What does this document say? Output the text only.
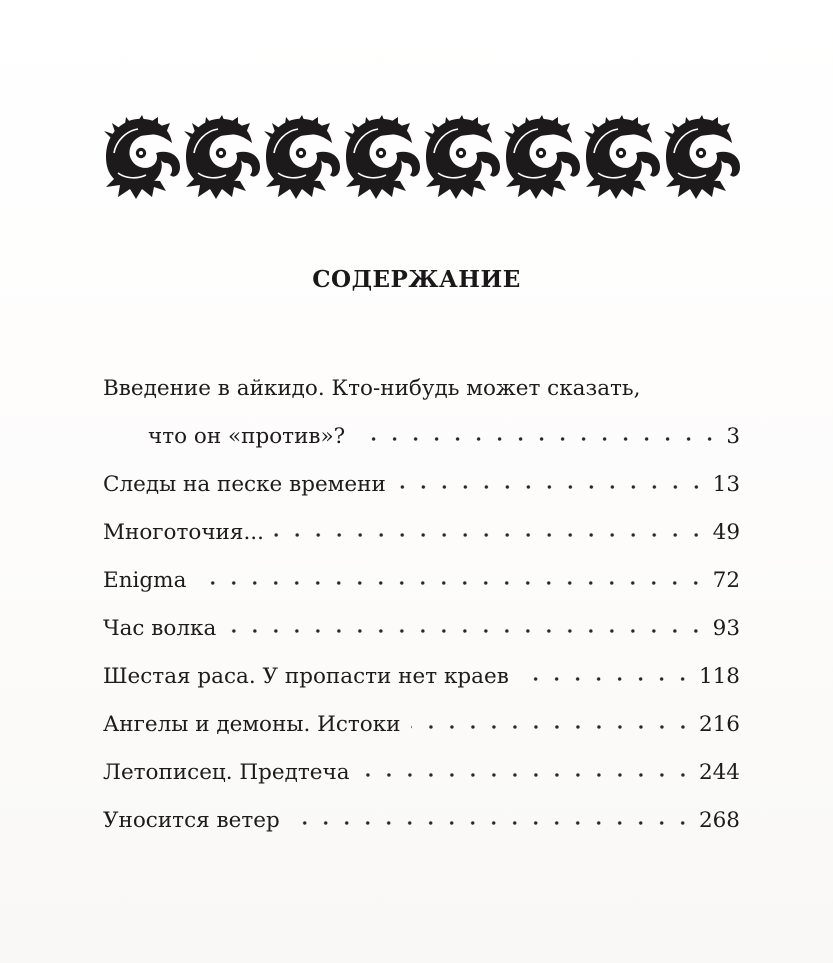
СОДЕРЖАНИЕ
Введение в айкидо. Кто-нибудь может сказать,
что он «против»?	3
Следы на песке времени	13
Многоточия...	49
Enigma	72
Час волка	93
Шестая раса. У пропасти нет краев	118
Ангелы и демоны. Истоки	216
Летописец. Предтеча	244
Уносится ветер	268
